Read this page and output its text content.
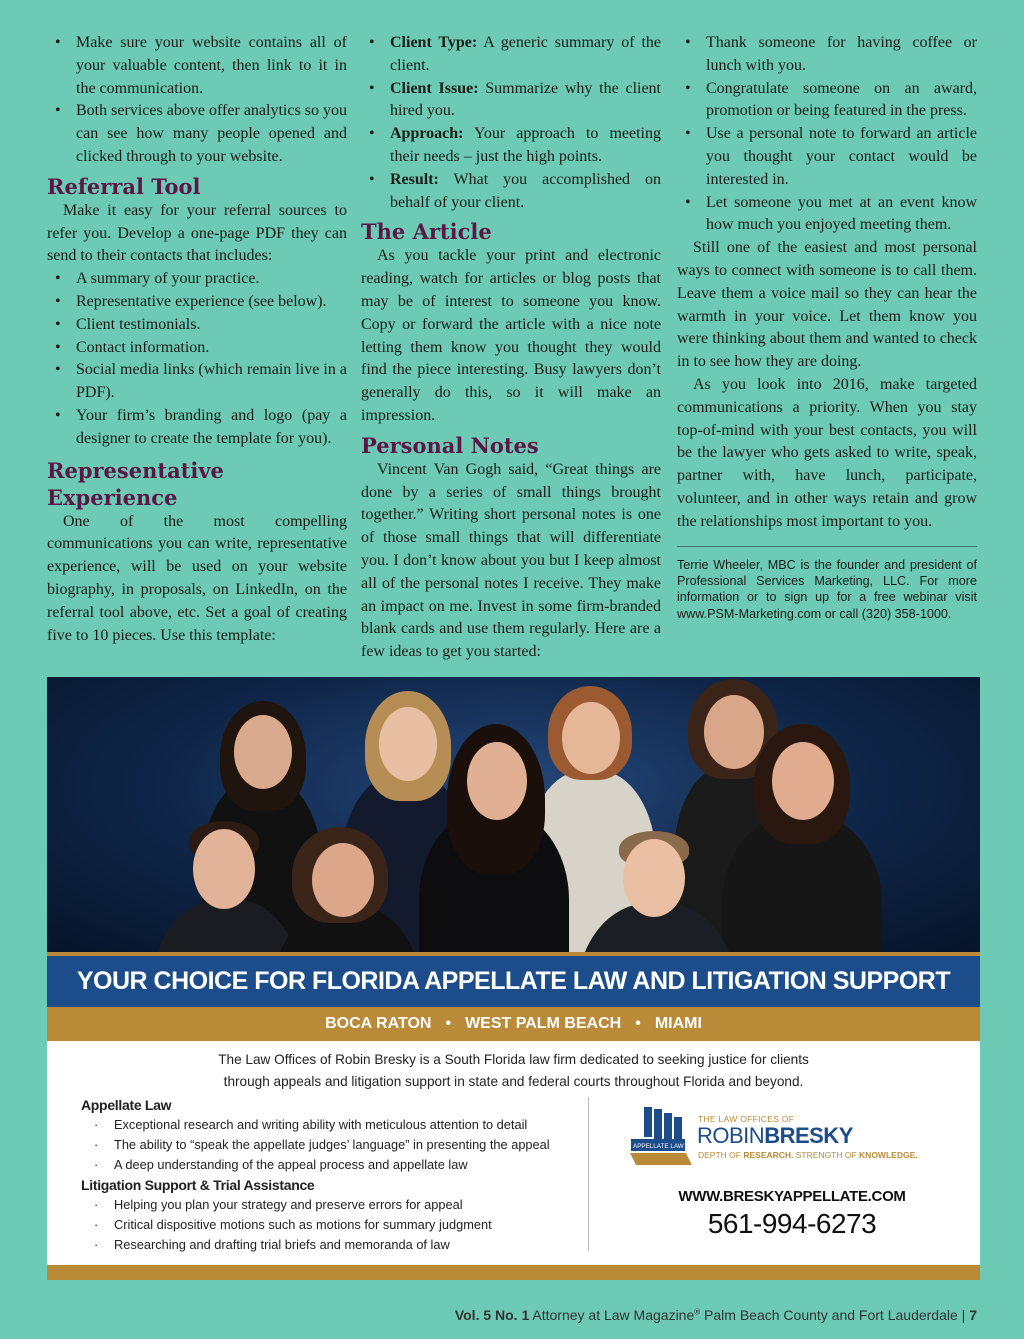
• Make sure your website contains all of your valuable content, then link to it in the communication.
• Both services above offer analytics so you can see how many people opened and clicked through to your website.
Referral Tool

Make it easy for your referral sources to refer you. Develop a one-page PDF they can send to their contacts that includes:

• A summary of your practice.
• Representative experience (see below).
• Client testimonials.
• Contact information.
• Social media links (which remain live in a PDF).
• Your firm’s branding and logo (pay a designer to create the template for you).
Representative Experience

One of the most compelling communications you can write, representative experience, will be used on your website biography, in proposals, on LinkedIn, on the referral tool above, etc. Set a goal of creating five to 10 pieces. Use this template:

• Client Type: A generic summary of the client.
• Client Issue: Summarize why the client hired you.
• Approach: Your approach to meeting their needs – just the high points.
• Result: What you accomplished on behalf of your client.
The Article

As you tackle your print and electronic reading, watch for articles or blog posts that may be of interest to someone you know. Copy or forward the article with a nice note letting them know you thought they would find the piece interesting. Busy lawyers don’t generally do this, so it will make an impression.

Personal Notes

Vincent Van Gogh said, “Great things are done by a series of small things brought together.” Writing short personal notes is one of those small things that will differentiate you. I don’t know about you but I keep almost all of the personal notes I receive. They make an impact on me. Invest in some firm-branded blank cards and use them regularly. Here are a few ideas to get you started:

• Thank someone for having coffee or lunch with you.
• Congratulate someone on an award, promotion or being featured in the press.
• Use a personal note to forward an article you thought your contact would be interested in.
• Let someone you met at an event know how much you enjoyed meeting them.

Still one of the easiest and most personal ways to connect with someone is to call them. Leave them a voice mail so they can hear the warmth in your voice. Let them know you were thinking about them and wanted to check in to see how they are doing.

As you look into 2016, make targeted communications a priority. When you stay top-of-mind with your best contacts, you will be the lawyer who gets asked to write, speak, partner with, have lunch, participate, volunteer, and in other ways retain and grow the relationships most important to you.

Terrie Wheeler, MBC is the founder and president of Professional Services Marketing, LLC. For more information or to sign up for a free webinar visit www.PSM-Marketing.com or call (320) 358-1000.

YOUR CHOICE FOR FLORIDA APPELLATE LAW AND LITIGATION SUPPORT
BOCA RATON • WEST PALM BEACH • MIAMI
The Law Offices of Robin Bresky is a South Florida law firm dedicated to seeking justice for clients
through appeals and litigation support in state and federal courts throughout Florida and beyond.
Appellate Law
· Exceptional research and writing ability with meticulous attention to detail
· The ability to “speak the appellate judges’ language” in presenting the appeal
· A deep understanding of the appeal process and appellate law
Litigation Support & Trial Assistance
· Helping you plan your strategy and preserve errors for appeal
· Critical dispositive motions such as motions for summary judgment
· Researching and drafting trial briefs and memoranda of law
APPELLATE LAW
THE LAW OFFICES OF
ROBINBRESKY
DEPTH OF RESEARCH. STRENGTH OF KNOWLEDGE.
WWW.BRESKYAPPELLATE.COM
561-994-6273
Vol. 5 No. 1 Attorney at Law Magazine® Palm Beach County and Fort Lauderdale | 7
